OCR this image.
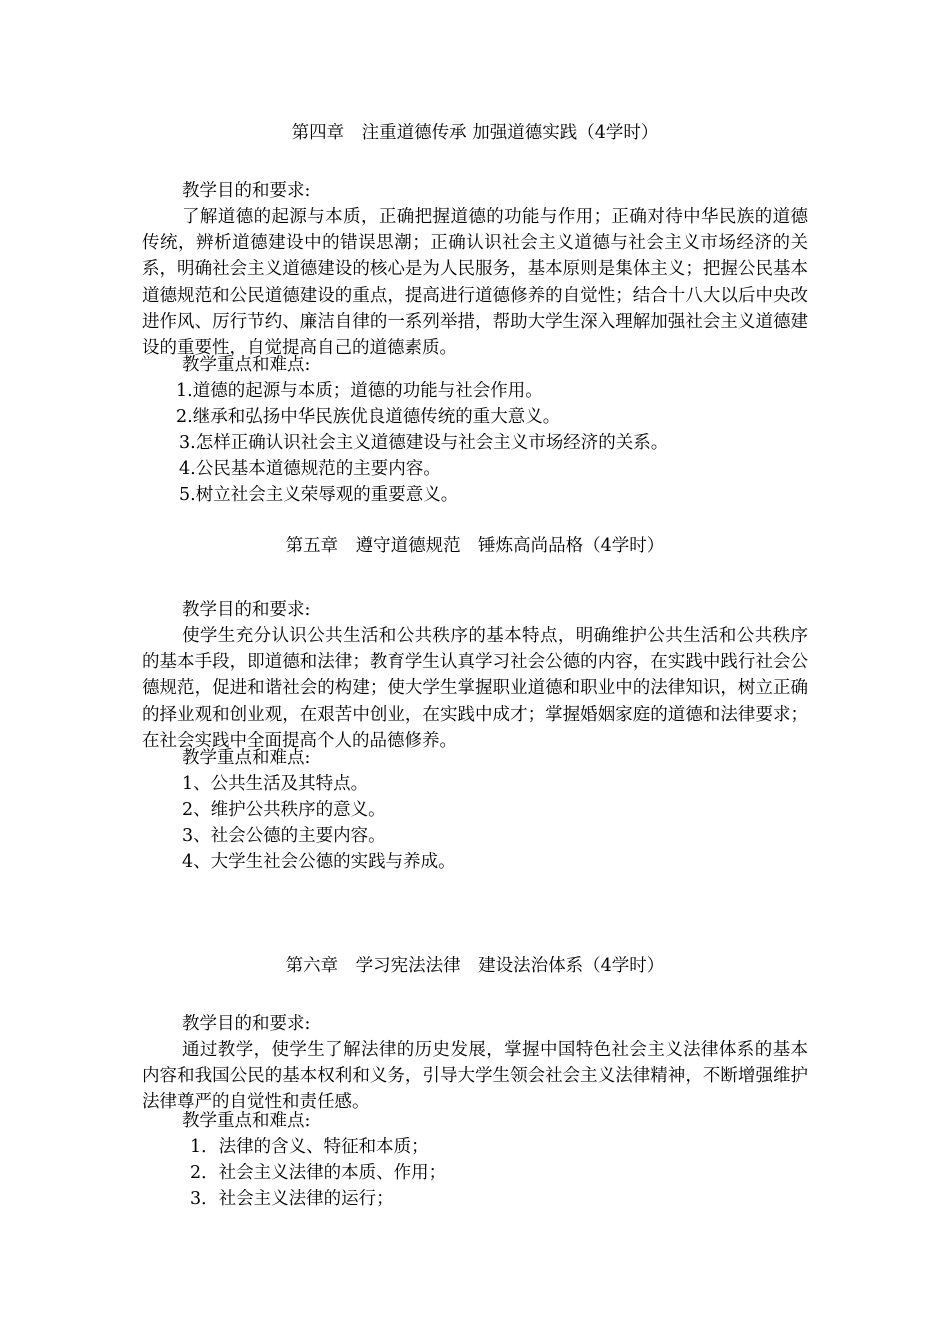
第四章　注重道德传承 加强道德实践（4学时）
教学目的和要求:
了解道德的起源与本质，正确把握道德的功能与作用；正确对待中华民族的道德传统，辨析道德建设中的错误思潮；正确认识社会主义道德与社会主义市场经济的关系，明确社会主义道德建设的核心是为人民服务，基本原则是集体主义；把握公民基本道德规范和公民道德建设的重点，提高进行道德修养的自觉性；结合十八大以后中央改进作风、厉行节约、廉洁自律的一系列举措，帮助大学生深入理解加强社会主义道德建设的重要性，自觉提高自己的道德素质。
教学重点和难点:
1.道德的起源与本质；道德的功能与社会作用。
2.继承和弘扬中华民族优良道德传统的重大意义。
3.怎样正确认识社会主义道德建设与社会主义市场经济的关系。
4.公民基本道德规范的主要内容。
5.树立社会主义荣辱观的重要意义。
第五章　遵守道德规范　锤炼高尚品格（4学时）
教学目的和要求:
使学生充分认识公共生活和公共秩序的基本特点，明确维护公共生活和公共秩序的基本手段，即道德和法律；教育学生认真学习社会公德的内容，在实践中践行社会公德规范，促进和谐社会的构建；使大学生掌握职业道德和职业中的法律知识，树立正确的择业观和创业观，在艰苦中创业，在实践中成才；掌握婚姻家庭的道德和法律要求；在社会实践中全面提高个人的品德修养。
教学重点和难点:
1、公共生活及其特点。
2、维护公共秩序的意义。
3、社会公德的主要内容。
4、大学生社会公德的实践与养成。
第六章　学习宪法法律　建设法治体系（4学时）
教学目的和要求:
通过教学，使学生了解法律的历史发展，掌握中国特色社会主义法律体系的基本内容和我国公民的基本权利和义务，引导大学生领会社会主义法律精神，不断增强维护法律尊严的自觉性和责任感。
教学重点和难点:
1．法律的含义、特征和本质；
2．社会主义法律的本质、作用；
3．社会主义法律的运行；
